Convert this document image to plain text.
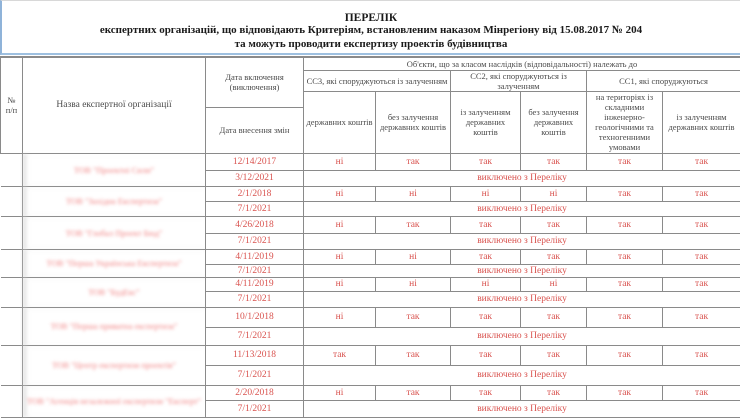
ПЕРЕЛІК
експертних організацій, що відповідають Критеріям, встановленим наказом Мінрегіону від 15.08.2017 № 204
та можуть проводити експертизу проектів будівництва
№ п/п	Назва експертної організації	Дата включення (виключення)	Об'єкти, що за класом наслідків (відповідальності) належать до					
			СС3, які споруджуються із залученням		СС2, які споруджуються із залученням		СС1, які споруджуються	
			державних коштів	без залучення державних коштів	із залученням державних коштів	без залучення державних коштів	на територіях із складними інженерно-геологічними та техногенними умовами	із залученням державних коштів
		Дата внесення змін						
	ТОВ "Проектні Сили"	12/14/2017	ні	так	так	так	так	так
		3/12/2021	виключено з Переліку					
	ТОВ "Західна Експертиза"	2/1/2018	ні	ні	ні	ні	так	так
		7/1/2021	виключено з Переліку					
	ТОВ "Глобал Проект Бюд"	4/26/2018	ні	так	так	так	так	так
		7/1/2021	виключено з Переліку					
	ТОВ "Перша Українська Експертиза"	4/11/2019	ні	ні	так	так	так	так
		7/1/2021	виключено з Переліку					
	ТОВ "БудЕкс"	4/11/2019	ні	ні	ні	ні	так	так
		7/1/2021	виключено з Переліку					
	ТОВ "Перша приватна експертиза"	10/1/2018	ні	так	так	так	так	так
		7/1/2021	виключено з Переліку					
	ТОВ "Центр експертизи проектів"	11/13/2018	так	так	так	так	так	так
		7/1/2021	виключено з Переліку					
	ТОВ "Агенція незалежної експертизи "Експерт"	2/20/2018	ні	так	так	так	так	так
		7/1/2021	виключено з Переліку					
